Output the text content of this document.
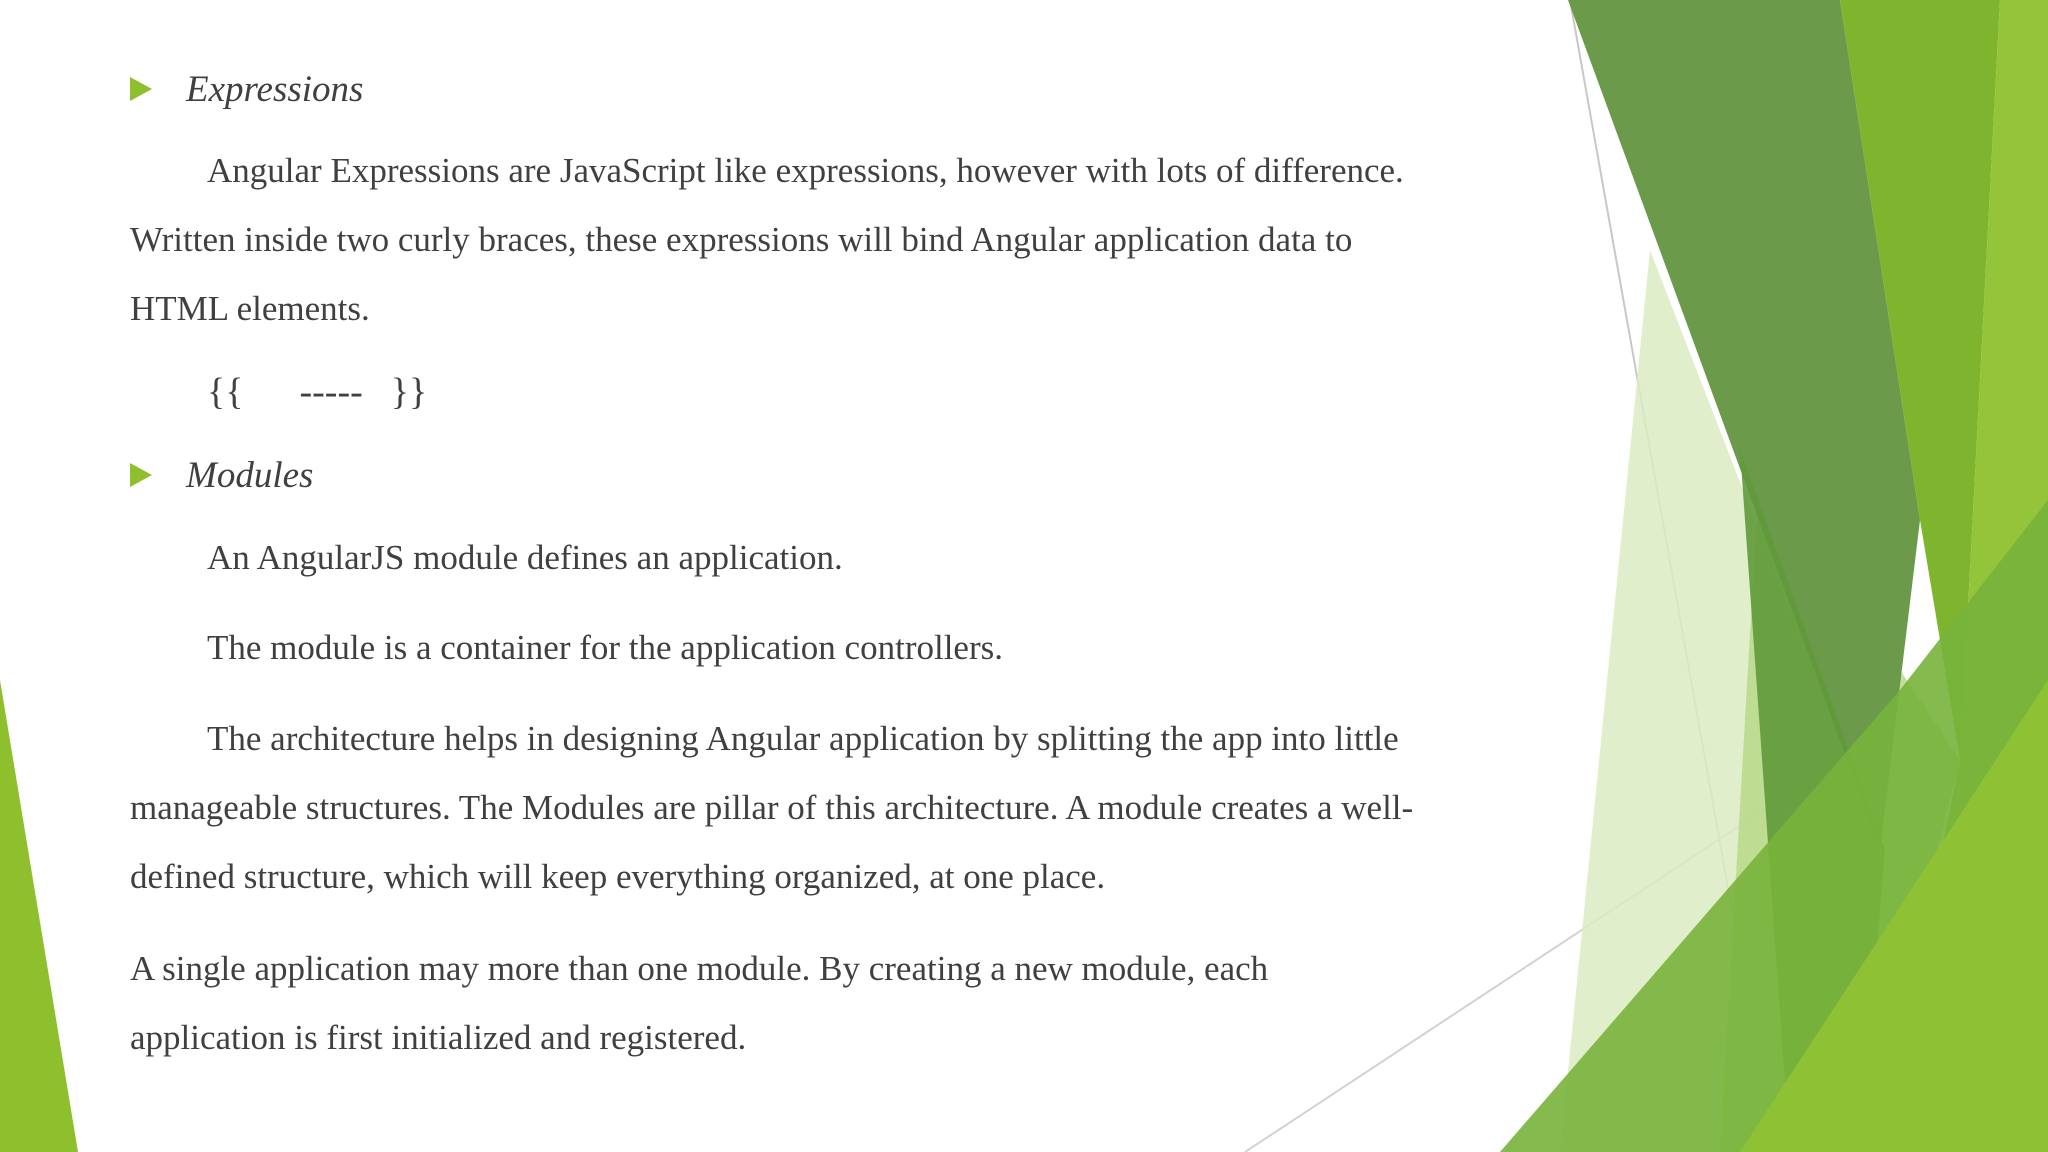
Expressions
Angular Expressions are JavaScript like expressions, however with lots of difference.
Written inside two curly braces, these expressions will bind Angular application data to
HTML elements.
{{ ----- }}
Modules
An AngularJS module defines an application.
The module is a container for the application controllers.
The architecture helps in designing Angular application by splitting the app into little
manageable structures. The Modules are pillar of this architecture. A module creates a well-
defined structure, which will keep everything organized, at one place.
A single application may more than one module. By creating a new module, each
application is first initialized and registered.
